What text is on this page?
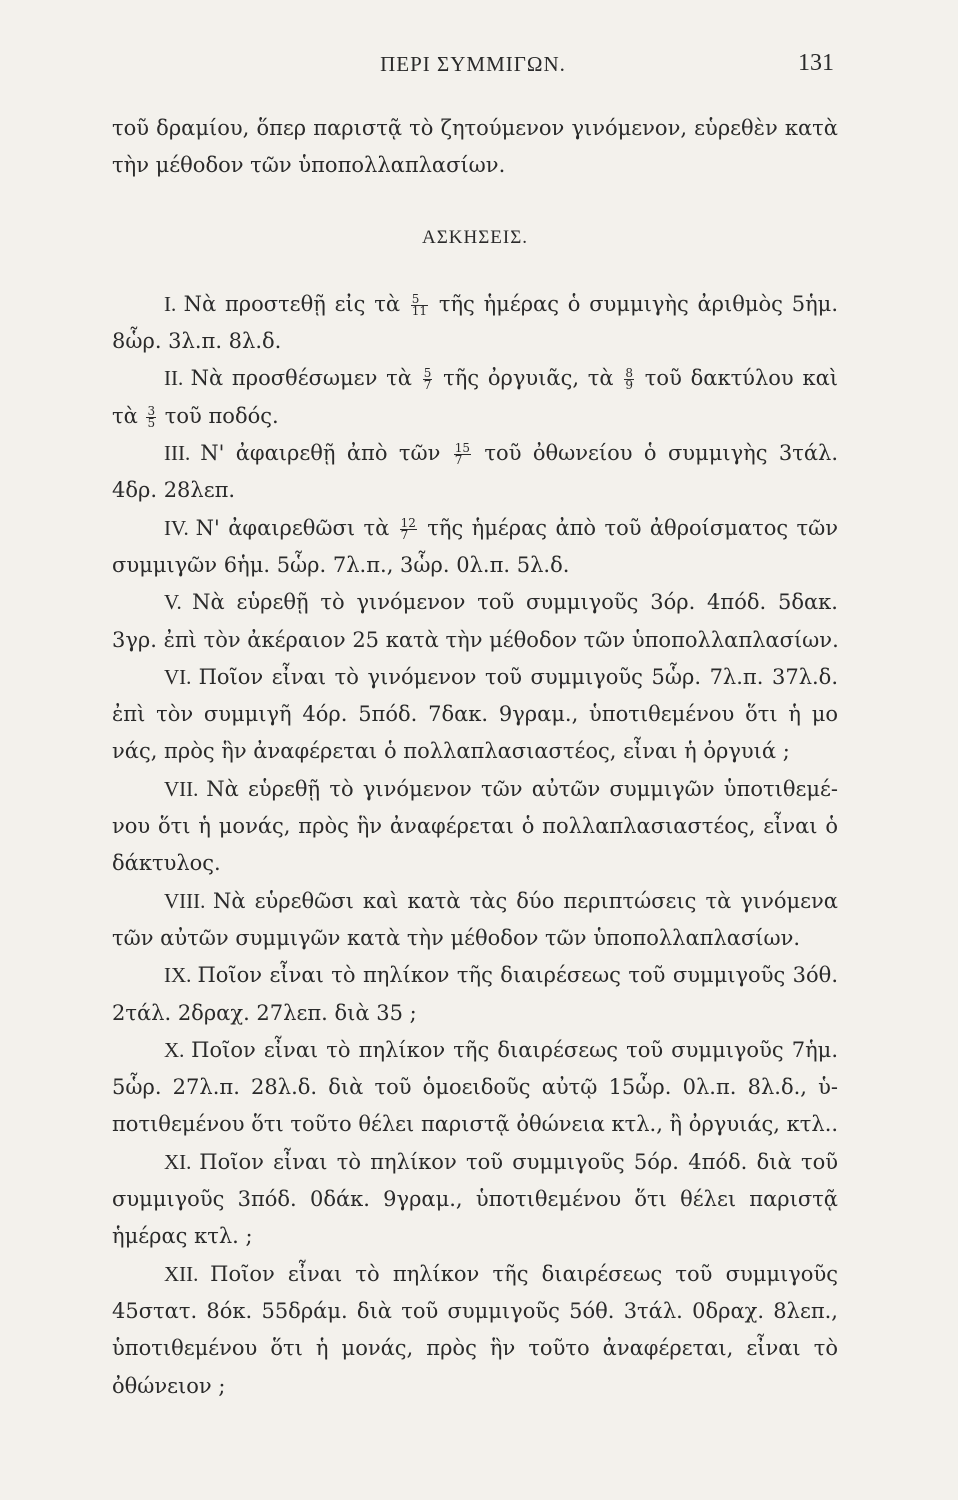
ΠΕΡΙ ΣΥΜΜΙΓΩΝ.	131
τοῦ δραμίου, ὅπερ παριστᾷ τὸ ζητούμενον γινόμενον, εὑρεθὲν κατὰ
τὴν μέθοδον τῶν ὑποπολλαπλασίων.
ΑΣΚΗΣΕΙΣ.
I. Νὰ προστεθῇ εἰς τὰ $\frac{5}{11}$ τῆς ἡμέρας ὁ συμμιγὴς ἀριθμὸς 5ἡμ.
8ὧρ. 3λ.π. 8λ.δ.
II. Νὰ προσθέσωμεν τὰ $\frac{5}{7}$ τῆς ὀργυιᾶς, τὰ $\frac{8}{9}$ τοῦ δακτύλου καὶ
τὰ $\frac{3}{5}$ τοῦ ποδός.
III. Ν' ἀφαιρεθῇ ἀπὸ τῶν $\frac{15}{7}$ τοῦ ὀθωνείου ὁ συμμιγὴς 3τάλ.
4δρ. 28λεπ.
IV. Ν' ἀφαιρεθῶσι τὰ $\frac{12}{7}$ τῆς ἡμέρας ἀπὸ τοῦ ἀθροίσματος τῶν
συμμιγῶν 6ἡμ. 5ὧρ. 7λ.π., 3ὧρ. 0λ.π. 5λ.δ.
V. Νὰ εὑρεθῇ τὸ γινόμενον τοῦ συμμιγοῦς 3όρ. 4πόδ. 5δακ.
3γρ. ἐπὶ τὸν ἀκέραιον 25 κατὰ τὴν μέθοδον τῶν ὑποπολλαπλασίων.
VI. Ποῖον εἶναι τὸ γινόμενον τοῦ συμμιγοῦς 5ὧρ. 7λ.π. 37λ.δ.
ἐπὶ τὸν συμμιγῆ 4όρ. 5πόδ. 7δακ. 9γραμ., ὑποτιθεμένου ὅτι ἡ μο
νάς, πρὸς ἣν ἀναφέρεται ὁ πολλαπλασιαστέος, εἶναι ἡ ὀργυιά ;
VII. Νὰ εὑρεθῇ τὸ γινόμενον τῶν αὐτῶν συμμιγῶν ὑποτιθεμέ-
νου ὅτι ἡ μονάς, πρὸς ἣν ἀναφέρεται ὁ πολλαπλασιαστέος, εἶναι ὁ
δάκτυλος.
VIII. Νὰ εὑρεθῶσι καὶ κατὰ τὰς δύο περιπτώσεις τὰ γινόμενα
τῶν αὐτῶν συμμιγῶν κατὰ τὴν μέθοδον τῶν ὑποπολλαπλασίων.
IX. Ποῖον εἶναι τὸ πηλίκον τῆς διαιρέσεως τοῦ συμμιγοῦς 3όθ.
2τάλ. 2δραχ. 27λεπ. διὰ 35 ;
X. Ποῖον εἶναι τὸ πηλίκον τῆς διαιρέσεως τοῦ συμμιγοῦς 7ἡμ.
5ὧρ. 27λ.π. 28λ.δ. διὰ τοῦ ὁμοειδοῦς αὐτῷ 15ὧρ. 0λ.π. 8λ.δ., ὑ-
ποτιθεμένου ὅτι τοῦτο θέλει παριστᾷ ὀθώνεια κτλ., ἢ ὀργυιάς, κτλ..
XI. Ποῖον εἶναι τὸ πηλίκον τοῦ συμμιγοῦς 5όρ. 4πόδ. διὰ τοῦ
συμμιγοῦς 3πόδ. 0δάκ. 9γραμ., ὑποτιθεμένου ὅτι θέλει παριστᾷ
ἡμέρας κτλ. ;
XII. Ποῖον εἶναι τὸ πηλίκον τῆς διαιρέσεως τοῦ συμμιγοῦς
45στατ. 8όκ. 55δράμ. διὰ τοῦ συμμιγοῦς 5όθ. 3τάλ. 0δραχ. 8λεπ.,
ὑποτιθεμένου ὅτι ἡ μονάς, πρὸς ἣν τοῦτο ἀναφέρεται, εἶναι τὸ
ὀθώνειον ;
